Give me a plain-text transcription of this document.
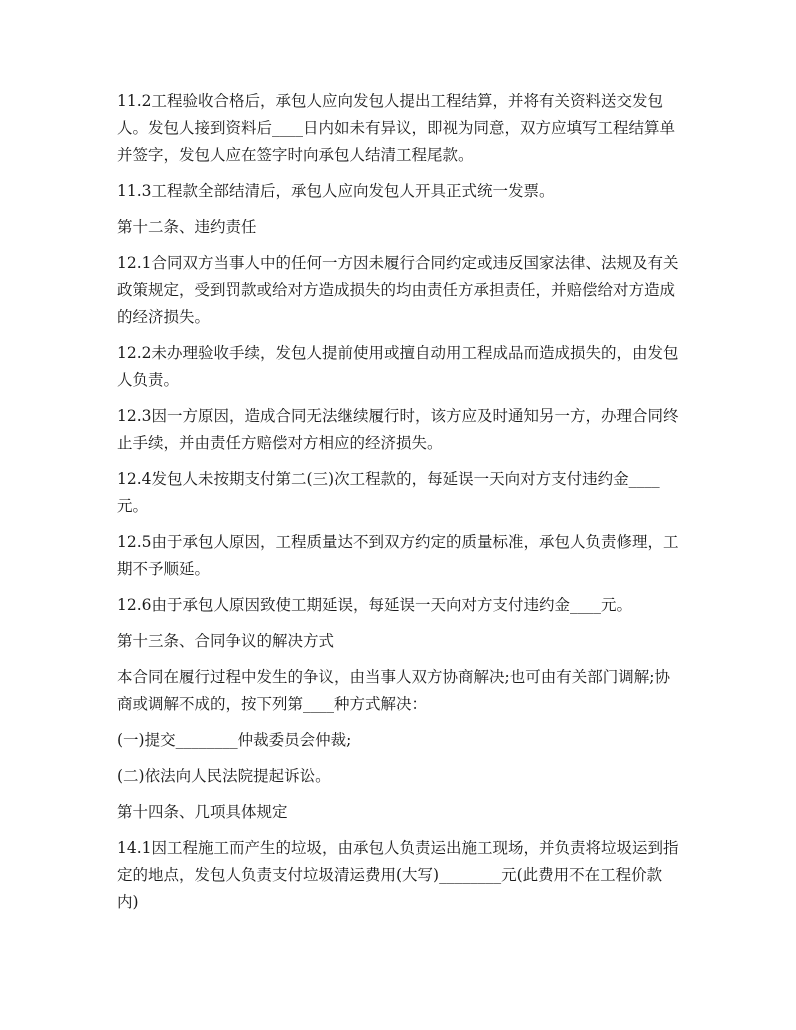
11.2工程验收合格后，承包人应向发包人提出工程结算，并将有关资料送交发包人。发包人接到资料后____日内如未有异议，即视为同意，双方应填写工程结算单并签字，发包人应在签字时向承包人结清工程尾款。

11.3工程款全部结清后，承包人应向发包人开具正式统一发票。

第十二条、违约责任

12.1合同双方当事人中的任何一方因未履行合同约定或违反国家法律、法规及有关政策规定，受到罚款或给对方造成损失的均由责任方承担责任，并赔偿给对方造成的经济损失。

12.2未办理验收手续，发包人提前使用或擅自动用工程成品而造成损失的，由发包人负责。

12.3因一方原因，造成合同无法继续履行时，该方应及时通知另一方，办理合同终止手续，并由责任方赔偿对方相应的经济损失。

12.4发包人未按期支付第二(三)次工程款的，每延误一天向对方支付违约金____元。

12.5由于承包人原因，工程质量达不到双方约定的质量标准，承包人负责修理，工期不予顺延。

12.6由于承包人原因致使工期延误，每延误一天向对方支付违约金____元。

第十三条、合同争议的解决方式

本合同在履行过程中发生的争议，由当事人双方协商解决;也可由有关部门调解;协商或调解不成的，按下列第____种方式解决：

(一)提交________仲裁委员会仲裁;

(二)依法向人民法院提起诉讼。

第十四条、几项具体规定

14.1因工程施工而产生的垃圾，由承包人负责运出施工现场，并负责将垃圾运到指定的地点，发包人负责支付垃圾清运费用(大写)________元(此费用不在工程价款内)
